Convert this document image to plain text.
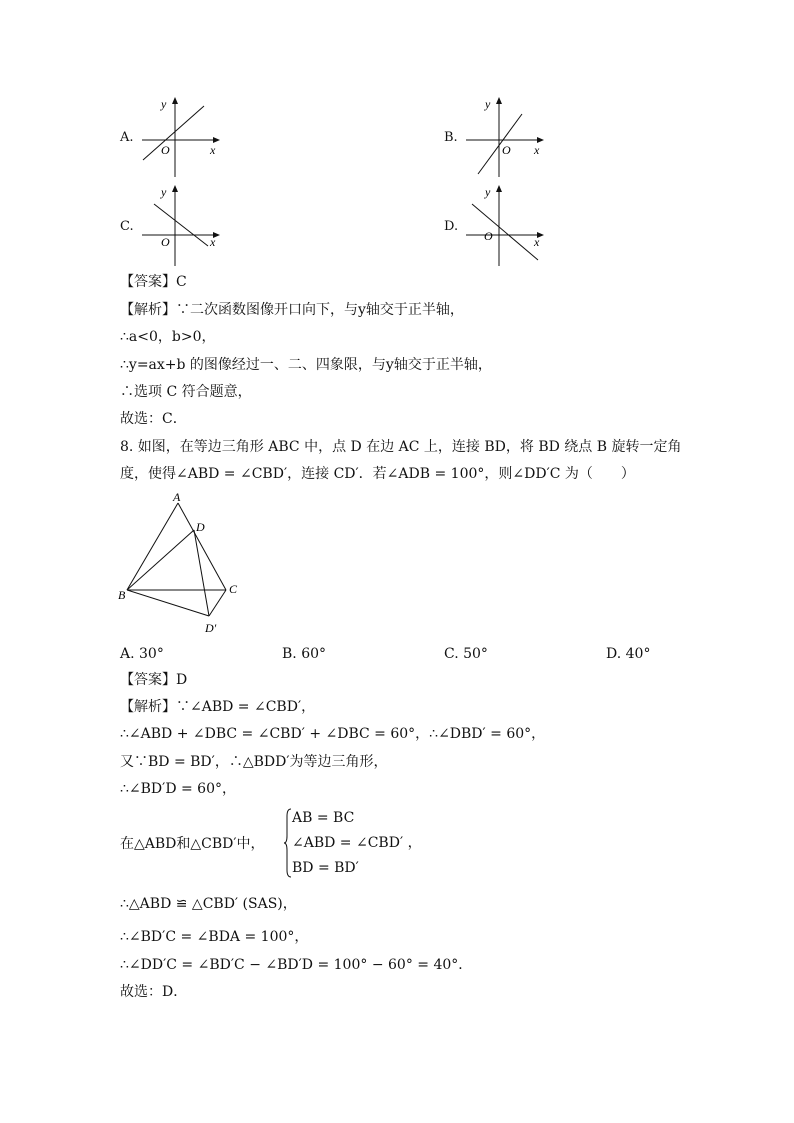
A.
y
x
O
B.
y
x
O
C.
y
x
O
D.
y
x
O
【答案】C
【解析】∵二次函数图像开口向下，与y轴交于正半轴，
∴a<0，b>0，
∴y=ax+b 的图像经过一、二、四象限，与y轴交于正半轴，
∴选项 C 符合题意，
故选：C．
8. 如图，在等边三角形 ABC 中，点 D 在边 AC 上，连接 BD，将 BD 绕点 B 旋转一定角
度，使得∠ABD = ∠CBD′，连接 CD′．若∠ADB = 100°，则∠DD′C 为（　　）
A
D
B	C
D′
A. 30°	B. 60°	C. 50°	D. 40°
【答案】D
【解析】∵∠ABD = ∠CBD′，
∴∠ABD + ∠DBC = ∠CBD′ + ∠DBC = 60°，∴∠DBD′ = 60°，
又∵BD = BD′，∴△BDD′为等边三角形，
∴∠BD′D = 60°，
在△ABD和△CBD′中，
AB = BC
∠ABD = ∠CBD′ ，
BD = BD′
∴△ABD ≌ △CBD′ (SAS)，
∴∠BD′C = ∠BDA = 100°，
∴∠DD′C = ∠BD′C − ∠BD′D = 100° − 60° = 40°．
故选：D．
